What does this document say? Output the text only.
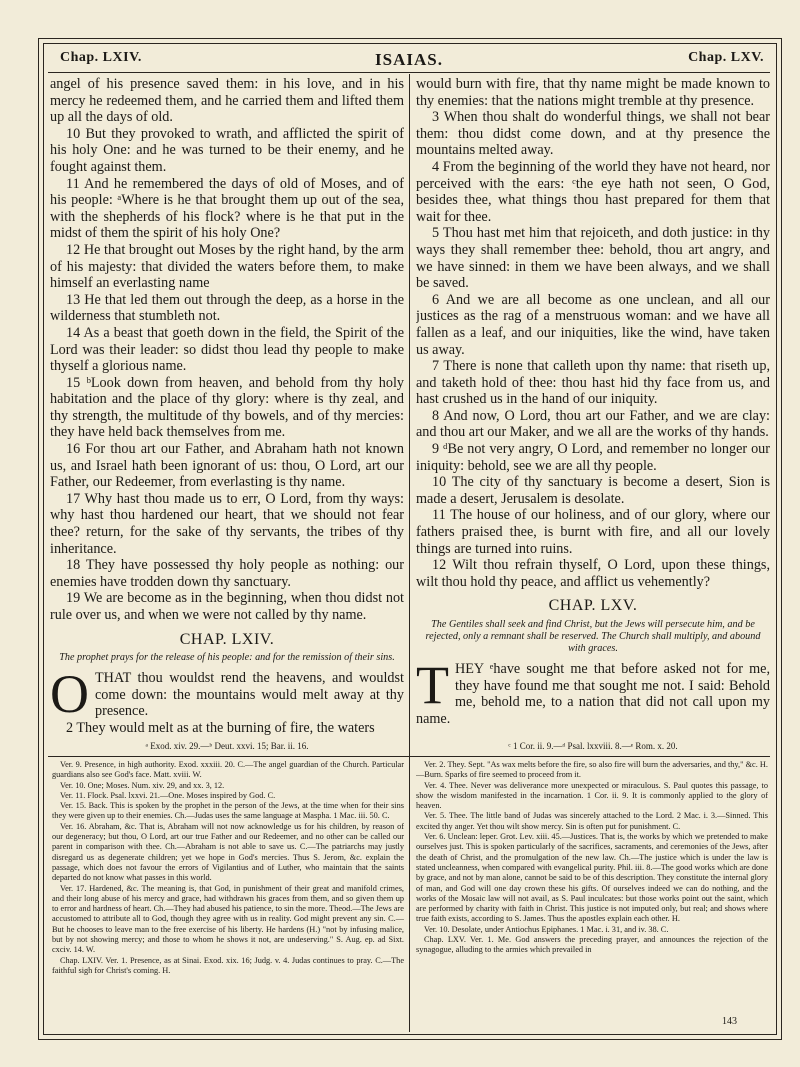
ISAIAS.
Chap. LXIV.	Chap. LXV.

angel of his presence saved them: in his love, and in his mercy he redeemed them, and he carried them and lifted them up all the days of old.

10 But they provoked to wrath, and afflicted the spirit of his holy One: and he was turned to be their enemy, and he fought against them.

11 And he remembered the days of old of Moses, and of his people: ᵃWhere is he that brought them up out of the sea, with the shepherds of his flock? where is he that put in the midst of them the spirit of his holy One?

12 He that brought out Moses by the right hand, by the arm of his majesty: that divided the waters before them, to make himself an everlasting name

13 He that led them out through the deep, as a horse in the wilderness that stumbleth not.

14 As a beast that goeth down in the field, the Spirit of the Lord was their leader: so didst thou lead thy people to make thyself a glorious name.

15 ᵇLook down from heaven, and behold from thy holy habitation and the place of thy glory: where is thy zeal, and thy strength, the multitude of thy bowels, and of thy mercies: they have held back themselves from me.

16 For thou art our Father, and Abraham hath not known us, and Israel hath been ignorant of us: thou, O Lord, art our Father, our Redeemer, from everlasting is thy name.

17 Why hast thou made us to err, O Lord, from thy ways: why hast thou hardened our heart, that we should not fear thee? return, for the sake of thy servants, the tribes of thy inheritance.

18 They have possessed thy holy people as nothing: our enemies have trodden down thy sanctuary.

19 We are become as in the beginning, when thou didst not rule over us, and when we were not called by thy name.

CHAP. LXIV.
The prophet prays for the release of his people: and for the remission of their sins.

OTHAT thou wouldst rend the heavens, and wouldst come down: the mountains would melt away at thy presence.

2 They would melt as at the burning of fire, the waters

ᵃ Exod. xiv. 29.—ᵇ Deut. xxvi. 15; Bar. ii. 16.

would burn with fire, that thy name might be made known to thy enemies: that the nations might tremble at thy presence.

3 When thou shalt do wonderful things, we shall not bear them: thou didst come down, and at thy presence the mountains melted away.

4 From the beginning of the world they have not heard, nor perceived with the ears: ᶜthe eye hath not seen, O God, besides thee, what things thou hast prepared for them that wait for thee.

5 Thou hast met him that rejoiceth, and doth justice: in thy ways they shall remember thee: behold, thou art angry, and we have sinned: in them we have been always, and we shall be saved.

6 And we are all become as one unclean, and all our justices as the rag of a menstruous woman: and we have all fallen as a leaf, and our iniquities, like the wind, have taken us away.

7 There is none that calleth upon thy name: that riseth up, and taketh hold of thee: thou hast hid thy face from us, and hast crushed us in the hand of our iniquity.

8 And now, O Lord, thou art our Father, and we are clay: and thou art our Maker, and we all are the works of thy hands.

9 ᵈBe not very angry, O Lord, and remember no longer our iniquity: behold, see we are all thy people.

10 The city of thy sanctuary is become a desert, Sion is made a desert, Jerusalem is desolate.

11 The house of our holiness, and of our glory, where our fathers praised thee, is burnt with fire, and all our lovely things are turned into ruins.

12 Wilt thou refrain thyself, O Lord, upon these things, wilt thou hold thy peace, and afflict us vehemently?

CHAP. LXV.
The Gentiles shall seek and find Christ, but the Jews will persecute him, and be rejected, only a remnant shall be reserved. The Church shall multiply, and abound with graces.

THEY ᵉhave sought me that before asked not for me, they have found me that sought me not. I said: Behold me, behold me, to a nation that did not call upon my name.

ᶜ 1 Cor. ii. 9.—ᵈ Psal. lxxviii. 8.—ᵉ Rom. x. 20.

Ver. 9. Presence, in high authority. Exod. xxxiii. 20. C.—The angel guardian of the Church. Particular guardians also see God's face. Matt. xviii. W.

Ver. 10. One; Moses. Num. xiv. 29, and xx. 3, 12.

Ver. 11. Flock. Psal. lxxvi. 21.—One. Moses inspired by God. C.

Ver. 15. Back. This is spoken by the prophet in the person of the Jews, at the time when for their sins they were given up to their enemies. Ch.—Judas uses the same language at Maspha. 1 Mac. iii. 50. C.

Ver. 16. Abraham, &c. That is, Abraham will not now acknowledge us for his children, by reason of our degeneracy; but thou, O Lord, art our true Father and our Redeemer, and no other can be called our parent in comparison with thee. Ch.—Abraham is not able to save us. C.—The patriarchs may justly disregard us as degenerate children; yet we hope in God's mercies. Thus S. Jerom, &c. explain the passage, which does not favour the errors of Vigilantius and of Luther, who maintain that the saints departed do not know what passes in this world.

Ver. 17. Hardened, &c. The meaning is, that God, in punishment of their great and manifold crimes, and their long abuse of his mercy and grace, had withdrawn his graces from them, and so given them up to error and hardness of heart. Ch.—They had abused his patience, to sin the more. Theod.—The Jews are accustomed to attribute all to God, though they agree with us in reality. God might prevent any sin. C.—But he chooses to leave man to the free exercise of his liberty. He hardens (H.) "not by infusing malice, but by not showing mercy; and those to whom he shows it not, are undeserving." S. Aug. ep. ad Sixt. cxciv. 14. W.

Chap. LXIV. Ver. 1. Presence, as at Sinai. Exod. xix. 16; Judg. v. 4. Judas continues to pray. C.—The faithful sigh for Christ's coming. H.

Ver. 2. They. Sept. "As wax melts before the fire, so also fire will burn the adversaries, and thy," &c. H.—Burn. Sparks of fire seemed to proceed from it.

Ver. 4. Thee. Never was deliverance more unexpected or miraculous. S. Paul quotes this passage, to show the wisdom manifested in the incarnation. 1 Cor. ii. 9. It is commonly applied to the glory of heaven.

Ver. 5. Thee. The little band of Judas was sincerely attached to the Lord. 2 Mac. i. 3.—Sinned. This excited thy anger. Yet thou wilt show mercy. Sin is often put for punishment. C.

Ver. 6. Unclean: leper. Grot. Lev. xiii. 45.—Justices. That is, the works by which we pretended to make ourselves just. This is spoken particularly of the sacrifices, sacraments, and ceremonies of the Jews, after the death of Christ, and the promulgation of the new law. Ch.—The justice which is under the law is stated uncleanness, when compared with evangelical purity. Phil. iii. 8.—The good works which are done by grace, and not by man alone, cannot be said to be of this description. They constitute the internal glory of man, and God will one day crown these his gifts. Of ourselves indeed we can do nothing, and the works of the Mosaic law will not avail, as S. Paul inculcates: but those works point out the saint, which are performed by charity with faith in Christ. This justice is not imputed only, but real; and shows where true faith exists, according to S. James. Thus the apostles explain each other. H.

Ver. 10. Desolate, under Antiochus Epiphanes. 1 Mac. i. 31, and iv. 38. C.

Chap. LXV. Ver. 1. Me. God answers the preceding prayer, and announces the rejection of the synagogue, alluding to the armies which prevailed in

143
